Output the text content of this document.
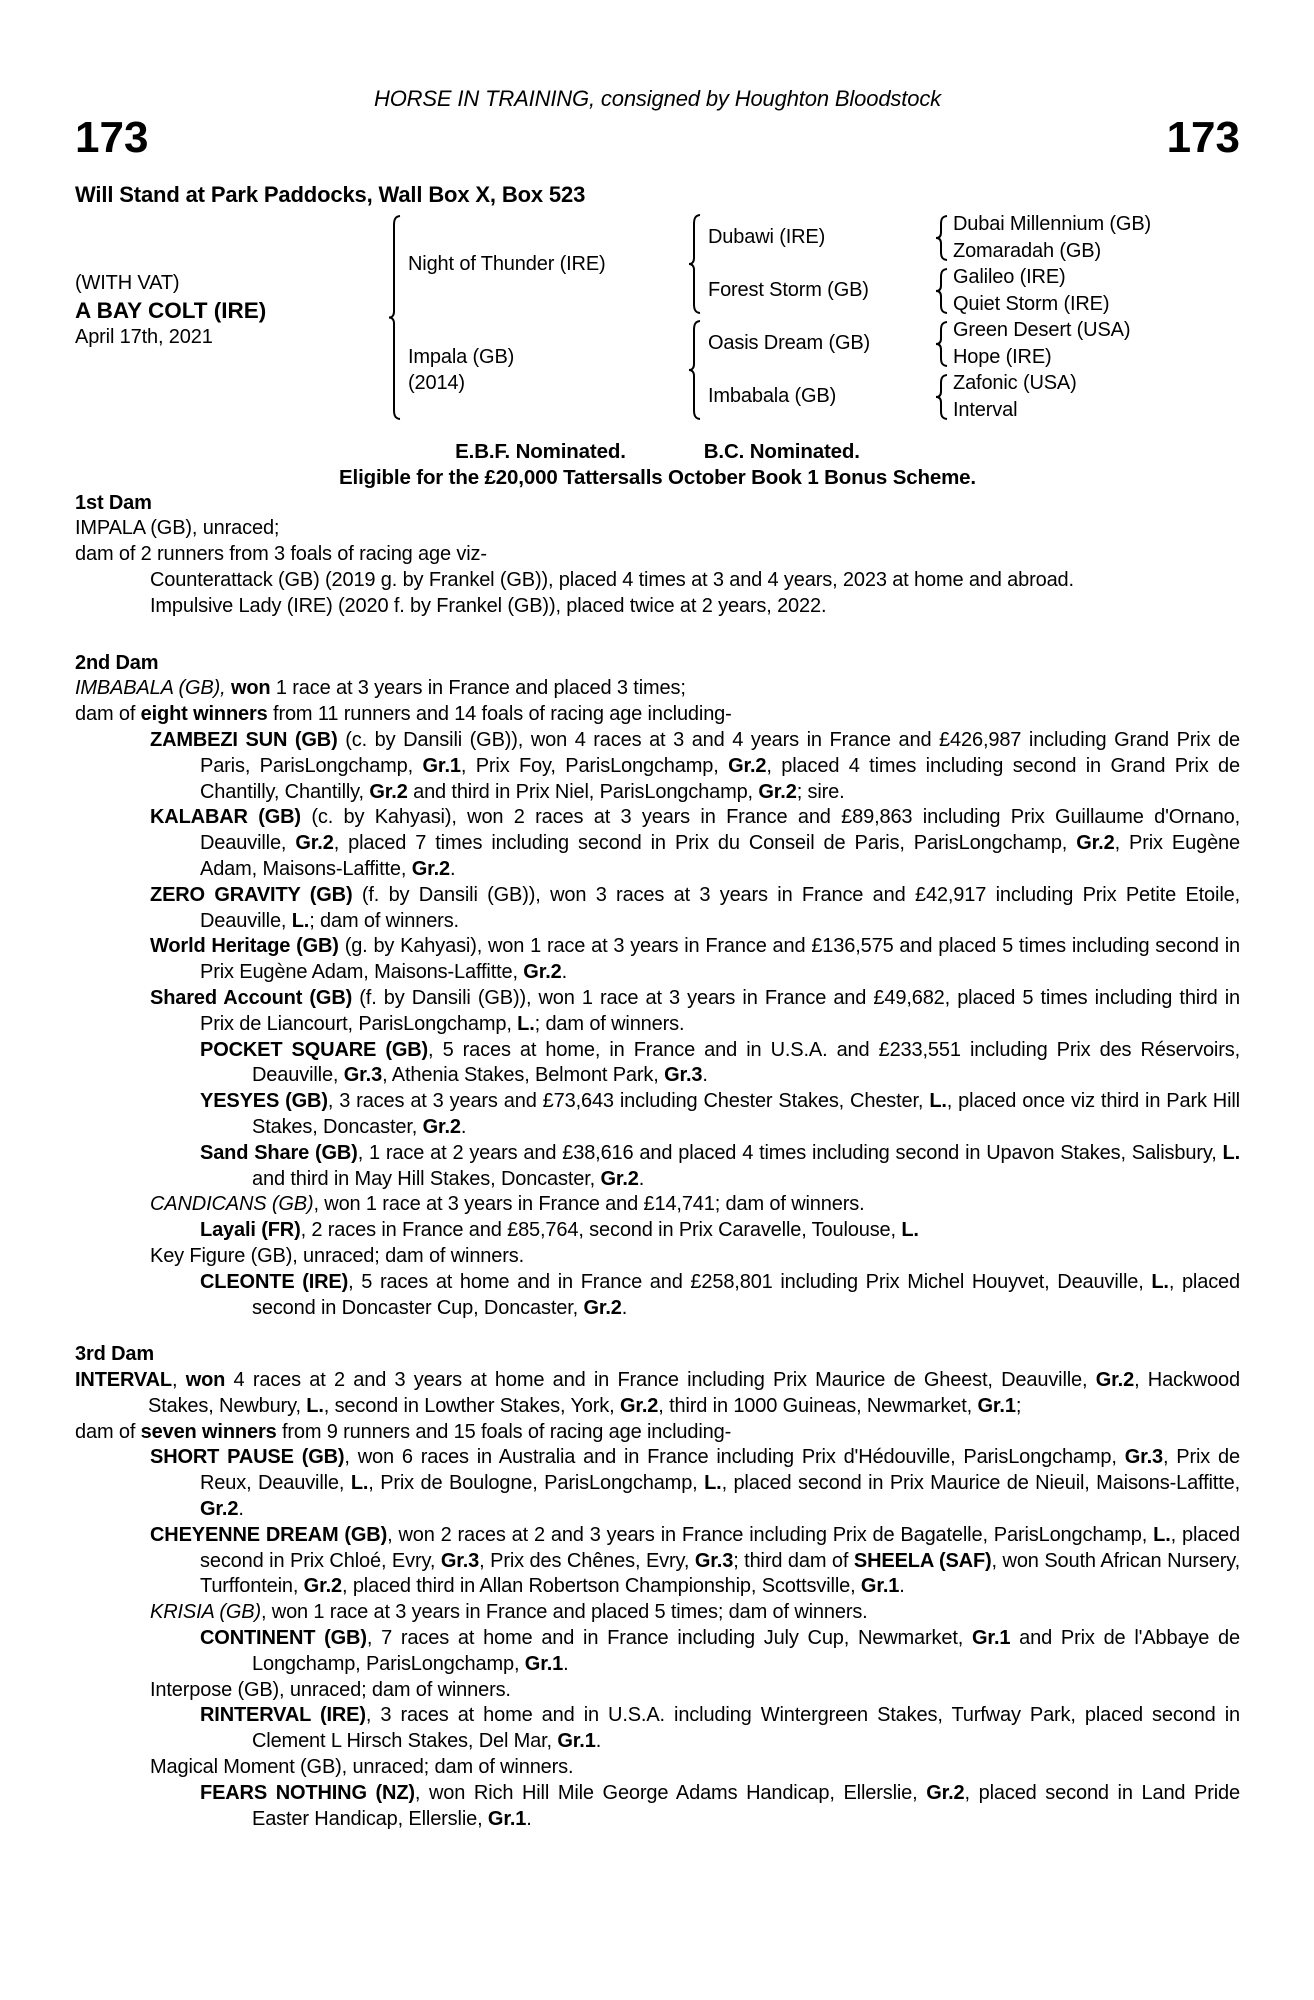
HORSE IN TRAINING, consigned by Houghton Bloodstock
173	173
Will Stand at Park Paddocks, Wall Box X, Box 523
(WITH VAT)
A BAY COLT (IRE)
April 17th, 2021
Night of Thunder (IRE)
Dubawi (IRE)
Dubai Millennium (GB)
Zomaradah (GB)
Forest Storm (GB)
Galileo (IRE)
Quiet Storm (IRE)
Impala (GB)
(2014)
Oasis Dream (GB)
Green Desert (USA)
Hope (IRE)
Imbabala (GB)
Zafonic (USA)
Interval
E.B.F. Nominated.	B.C. Nominated.
Eligible for the £20,000 Tattersalls October Book 1 Bonus Scheme.
1st Dam
IMPALA (GB), unraced;
dam of 2 runners from 3 foals of racing age viz-
Counterattack (GB) (2019 g. by Frankel (GB)), placed 4 times at 3 and 4 years, 2023 at home and abroad.
Impulsive Lady (IRE) (2020 f. by Frankel (GB)), placed twice at 2 years, 2022.
2nd Dam
IMBABALA (GB), won 1 race at 3 years in France and placed 3 times;
dam of eight winners from 11 runners and 14 foals of racing age including-
ZAMBEZI SUN (GB) (c. by Dansili (GB)), won 4 races at 3 and 4 years in France and £426,987 including Grand Prix de Paris, ParisLongchamp, Gr.1, Prix Foy, ParisLongchamp, Gr.2, placed 4 times including second in Grand Prix de Chantilly, Chantilly, Gr.2 and third in Prix Niel, ParisLongchamp, Gr.2; sire.
KALABAR (GB) (c. by Kahyasi), won 2 races at 3 years in France and £89,863 including Prix Guillaume d'Ornano, Deauville, Gr.2, placed 7 times including second in Prix du Conseil de Paris, ParisLongchamp, Gr.2, Prix Eugène Adam, Maisons-Laffitte, Gr.2.
ZERO GRAVITY (GB) (f. by Dansili (GB)), won 3 races at 3 years in France and £42,917 including Prix Petite Etoile, Deauville, L.; dam of winners.
World Heritage (GB) (g. by Kahyasi), won 1 race at 3 years in France and £136,575 and placed 5 times including second in Prix Eugène Adam, Maisons-Laffitte, Gr.2.
Shared Account (GB) (f. by Dansili (GB)), won 1 race at 3 years in France and £49,682, placed 5 times including third in Prix de Liancourt, ParisLongchamp, L.; dam of winners.
POCKET SQUARE (GB), 5 races at home, in France and in U.S.A. and £233,551 including Prix des Réservoirs, Deauville, Gr.3, Athenia Stakes, Belmont Park, Gr.3.
YESYES (GB), 3 races at 3 years and £73,643 including Chester Stakes, Chester, L., placed once viz third in Park Hill Stakes, Doncaster, Gr.2.
Sand Share (GB), 1 race at 2 years and £38,616 and placed 4 times including second in Upavon Stakes, Salisbury, L. and third in May Hill Stakes, Doncaster, Gr.2.
CANDICANS (GB), won 1 race at 3 years in France and £14,741; dam of winners.
Layali (FR), 2 races in France and £85,764, second in Prix Caravelle, Toulouse, L.
Key Figure (GB), unraced; dam of winners.
CLEONTE (IRE), 5 races at home and in France and £258,801 including Prix Michel Houyvet, Deauville, L., placed second in Doncaster Cup, Doncaster, Gr.2.
3rd Dam
INTERVAL, won 4 races at 2 and 3 years at home and in France including Prix Maurice de Gheest, Deauville, Gr.2, Hackwood Stakes, Newbury, L., second in Lowther Stakes, York, Gr.2, third in 1000 Guineas, Newmarket, Gr.1;
dam of seven winners from 9 runners and 15 foals of racing age including-
SHORT PAUSE (GB), won 6 races in Australia and in France including Prix d'Hédouville, ParisLongchamp, Gr.3, Prix de Reux, Deauville, L., Prix de Boulogne, ParisLongchamp, L., placed second in Prix Maurice de Nieuil, Maisons-Laffitte, Gr.2.
CHEYENNE DREAM (GB), won 2 races at 2 and 3 years in France including Prix de Bagatelle, ParisLongchamp, L., placed second in Prix Chloé, Evry, Gr.3, Prix des Chênes, Evry, Gr.3; third dam of SHEELA (SAF), won South African Nursery, Turffontein, Gr.2, placed third in Allan Robertson Championship, Scottsville, Gr.1.
KRISIA (GB), won 1 race at 3 years in France and placed 5 times; dam of winners.
CONTINENT (GB), 7 races at home and in France including July Cup, Newmarket, Gr.1 and Prix de l'Abbaye de Longchamp, ParisLongchamp, Gr.1.
Interpose (GB), unraced; dam of winners.
RINTERVAL (IRE), 3 races at home and in U.S.A. including Wintergreen Stakes, Turfway Park, placed second in Clement L Hirsch Stakes, Del Mar, Gr.1.
Magical Moment (GB), unraced; dam of winners.
FEARS NOTHING (NZ), won Rich Hill Mile George Adams Handicap, Ellerslie, Gr.2, placed second in Land Pride Easter Handicap, Ellerslie, Gr.1.
